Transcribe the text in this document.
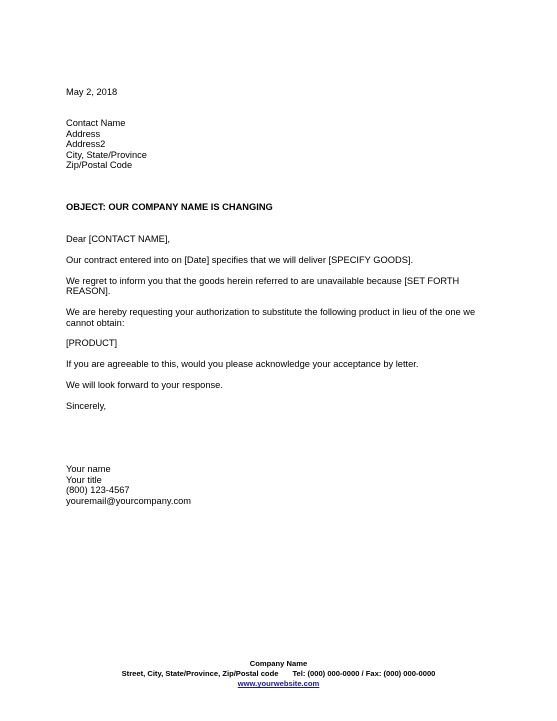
May 2, 2018
Contact Name
Address
Address2
City, State/Province
Zip/Postal Code
OBJECT: OUR COMPANY NAME IS CHANGING

Dear [CONTACT NAME],

Our contract entered into on [Date] specifies that we will deliver [SPECIFY GOODS].

We regret to inform you that the goods herein referred to are unavailable because [SET FORTH REASON].

We are hereby requesting your authorization to substitute the following product in lieu of the one we cannot obtain:

[PRODUCT]

If you are agreeable to this, would you please acknowledge your acceptance by letter.

We will look forward to your response.

Sincerely,

Your name
Your title
(800) 123-4567
youremail@yourcompany.com
Company Name
Street, City, State/Province, Zip/Postal code Tel: (000) 000-0000 / Fax: (000) 000-0000
www.yourwebsite.com
